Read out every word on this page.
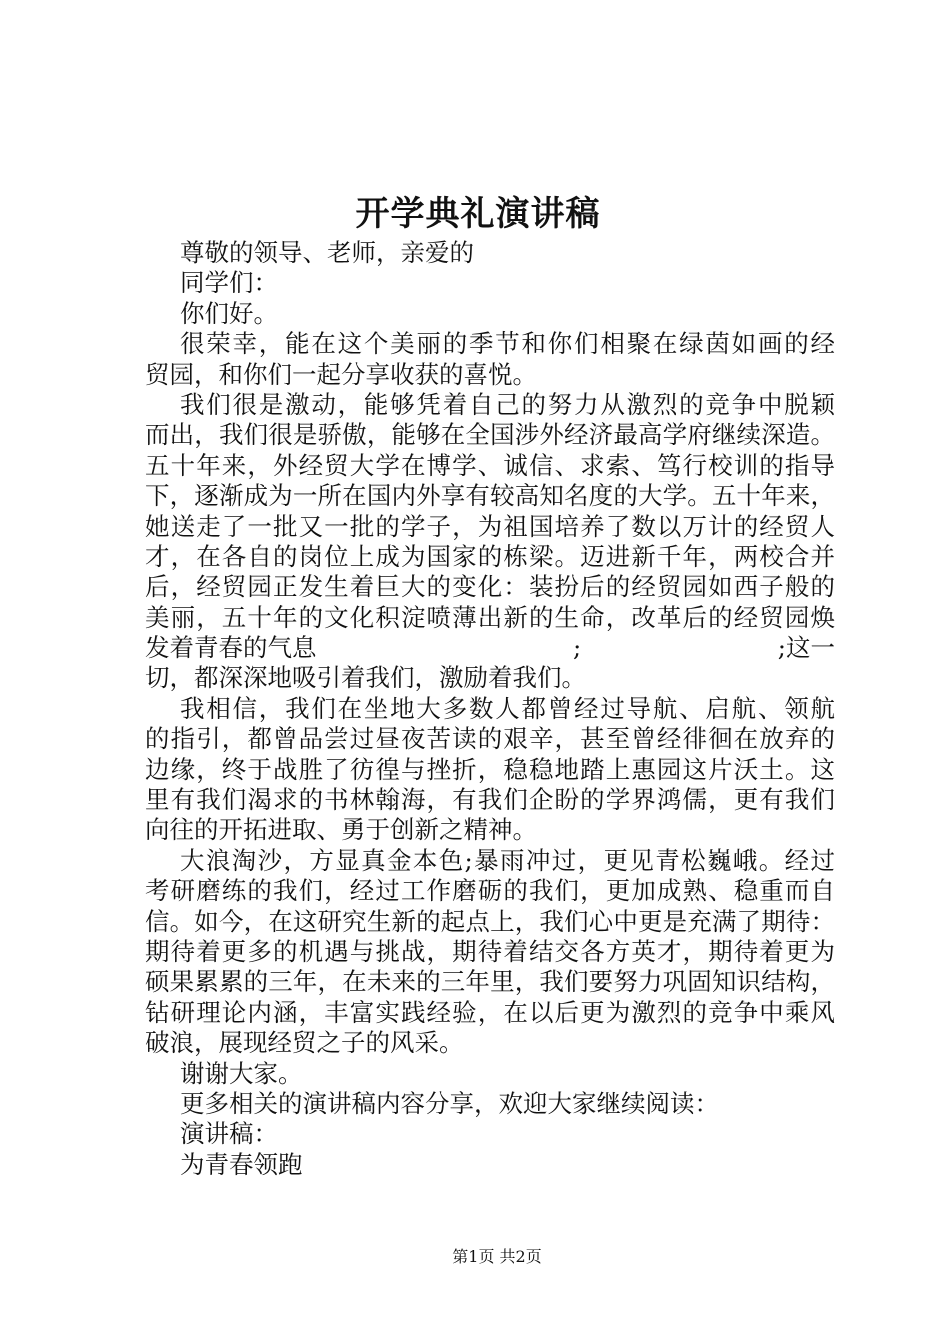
开学典礼演讲稿
尊敬的领导、老师，亲爱的
同学们：
你们好。
很荣幸，能在这个美丽的季节和你们相聚在绿茵如画的经
贸园，和你们一起分享收获的喜悦。
我们很是激动，能够凭着自己的努力从激烈的竞争中脱颖
而出，我们很是骄傲，能够在全国涉外经济最高学府继续深造。
五十年来，外经贸大学在博学、诚信、求索、笃行校训的指导
下，逐渐成为一所在国内外享有较高知名度的大学。五十年来，
她送走了一批又一批的学子，为祖国培养了数以万计的经贸人
才，在各自的岗位上成为国家的栋梁。迈进新千年，两校合并
后，经贸园正发生着巨大的变化：装扮后的经贸园如西子般的
美丽，五十年的文化积淀喷薄出新的生命，改革后的经贸园焕
发着青春的气息	;	;这一
切，都深深地吸引着我们，激励着我们。
我相信，我们在坐地大多数人都曾经过导航、启航、领航
的指引，都曾品尝过昼夜苦读的艰辛，甚至曾经徘徊在放弃的
边缘，终于战胜了彷徨与挫折，稳稳地踏上惠园这片沃土。这
里有我们渴求的书林翰海，有我们企盼的学界鸿儒，更有我们
向往的开拓进取、勇于创新之精神。
大浪淘沙，方显真金本色;暴雨冲过，更见青松巍峨。经过
考研磨练的我们，经过工作磨砺的我们，更加成熟、稳重而自
信。如今，在这研究生新的起点上，我们心中更是充满了期待：
期待着更多的机遇与挑战，期待着结交各方英才，期待着更为
硕果累累的三年，在未来的三年里，我们要努力巩固知识结构，
钻研理论内涵，丰富实践经验，在以后更为激烈的竞争中乘风
破浪，展现经贸之子的风采。
谢谢大家。
更多相关的演讲稿内容分享，欢迎大家继续阅读：
演讲稿：
为青春领跑
第1页 共2页
